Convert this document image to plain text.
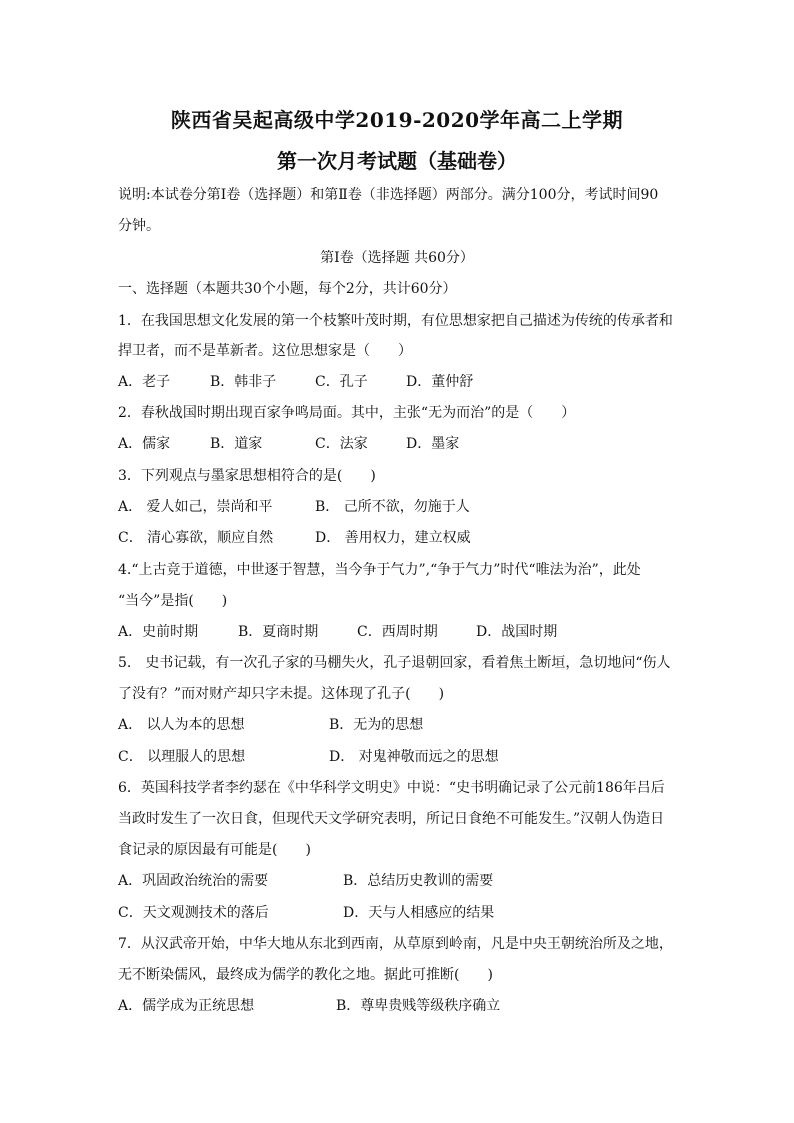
陕西省吴起高级中学2019-2020学年高二上学期
第一次月考试题（基础卷）
说明:本试卷分第Ⅰ卷（选择题）和第Ⅱ卷（非选择题）两部分。满分100分，考试时间90
分钟。
第Ⅰ卷（选择题 共60分）
一、选择题（本题共30个小题，每个2分，共计60分）
1．在我国思想文化发展的第一个枝繁叶茂时期，有位思想家把自己描述为传统的传承者和
捍卫者，而不是革新者。这位思想家是（　　）
A．老子	B．韩非子	C．孔子	D．董仲舒
2．春秋战国时期出现百家争鸣局面。其中，主张“无为而治”的是（　　）
A．儒家	B．道家	C．法家	D．墨家
3．下列观点与墨家思想相符合的是(　　)
A． 爱人如己，崇尚和平	B． 己所不欲，勿施于人
C． 清心寡欲，顺应自然	D． 善用权力，建立权威
4.“上古竞于道德，中世逐于智慧，当今争于气力”,“争于气力”时代“唯法为治”，此处
“当今”是指(　　)
A．史前时期	B．夏商时期	C．西周时期	D．战国时期
5.　史书记载，有一次孔子家的马棚失火，孔子退朝回家，看着焦土断垣，急切地问“伤人
了没有？”而对财产却只字未提。这体现了孔子(　　)
A． 以人为本的思想	B．无为的思想
C． 以理服人的思想	D． 对鬼神敬而远之的思想
6．英国科技学者李约瑟在《中华科学文明史》中说：“史书明确记录了公元前186年吕后
当政时发生了一次日食，但现代天文学研究表明，所记日食绝不可能发生。”汉朝人伪造日
食记录的原因最有可能是(　　)
A．巩固政治统治的需要	B．总结历史教训的需要
C．天文观测技术的落后	D．天与人相感应的结果
7．从汉武帝开始，中华大地从东北到西南，从草原到岭南，凡是中央王朝统治所及之地，
无不断染儒风，最终成为儒学的教化之地。据此可推断(　　)
A．儒学成为正统思想	B．尊卑贵贱等级秩序确立
